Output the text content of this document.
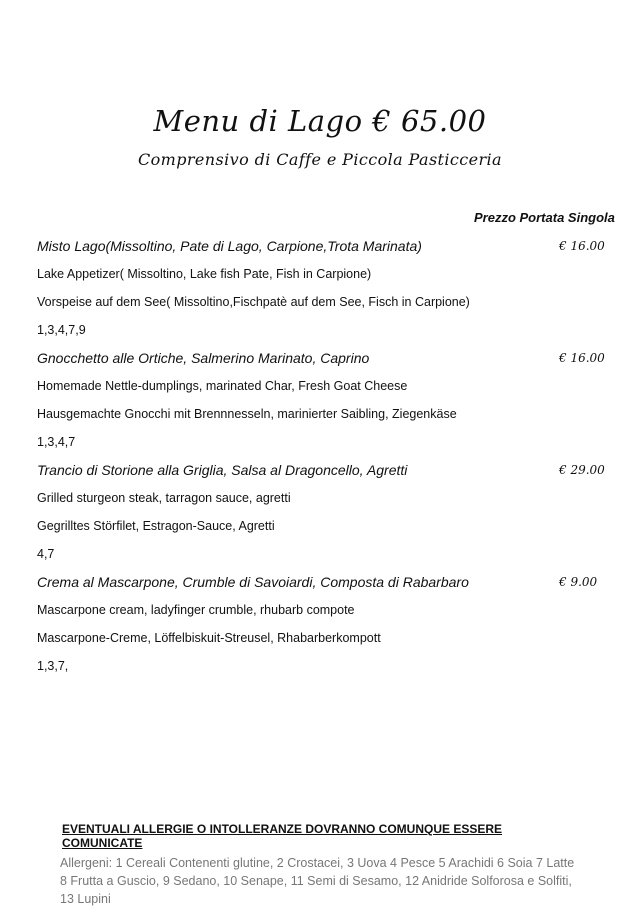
Menu di Lago € 65.00
Comprensivo di Caffe e Piccola Pasticceria
Prezzo Portata Singola
Misto Lago(Missoltino, Pate di Lago, Carpione,Trota Marinata)	€ 16.00
Lake Appetizer( Missoltino, Lake fish Pate, Fish in Carpione)
Vorspeise auf dem See( Missoltino,Fischpatè auf dem See, Fisch in Carpione)
1,3,4,7,9
Gnocchetto alle Ortiche, Salmerino Marinato, Caprino	€ 16.00
Homemade Nettle-dumplings, marinated Char, Fresh Goat Cheese
Hausgemachte Gnocchi mit Brennnesseln, marinierter Saibling, Ziegenkäse
1,3,4,7
Trancio di Storione alla Griglia, Salsa al Dragoncello, Agretti	€ 29.00
Grilled sturgeon steak, tarragon sauce, agretti
Gegrilltes Störfilet, Estragon-Sauce, Agretti
4,7
Crema al Mascarpone, Crumble di Savoiardi, Composta di Rabarbaro	€ 9.00
Mascarpone cream, ladyfinger crumble, rhubarb compote
Mascarpone-Creme, Löffelbiskuit-Streusel, Rhabarberkompott
1,3,7,
EVENTUALI ALLERGIE O INTOLLERANZE DOVRANNO COMUNQUE ESSERE COMUNICATE
Allergeni: 1 Cereali Contenenti glutine, 2 Crostacei, 3 Uova 4 Pesce 5 Arachidi 6 Soia 7 Latte 8 Frutta a Guscio, 9 Sedano, 10 Senape, 11 Semi di Sesamo, 12 Anidride Solforosa e Solfiti, 13 Lupini
